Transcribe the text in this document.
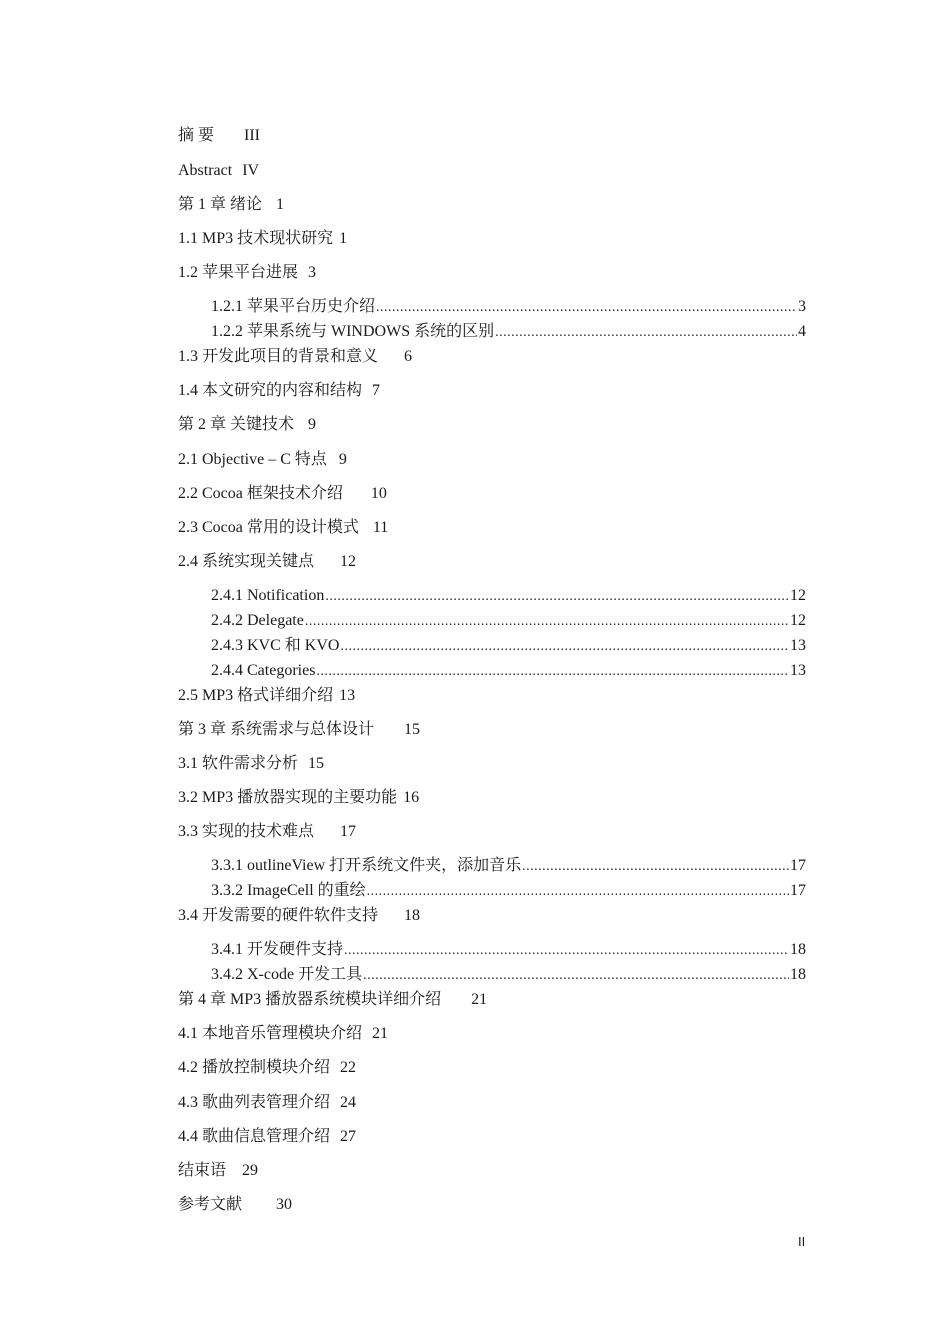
摘 要 III
Abstract IV
第 1 章 绪论 1
1.1 MP3 技术现状研究 1
1.2 苹果平台进展 3
1.2.1 苹果平台历史介绍 .....	3
1.2.2 苹果系统与 WINDOWS 系统的区别 .....	4
1.3 开发此项目的背景和意义 6
1.4 本文研究的内容和结构 7
第 2 章 关键技术 9
2.1 Objective – C 特点 9
2.2 Cocoa 框架技术介绍 10
2.3 Cocoa 常用的设计模式 11
2.4 系统实现关键点 12
2.4.1 Notification .....	12
2.4.2 Delegate .....	12
2.4.3 KVC 和 KVO .....	13
2.4.4 Categories .....	13
2.5 MP3 格式详细介绍 13
第 3 章 系统需求与总体设计 15
3.1 软件需求分析 15
3.2 MP3 播放器实现的主要功能 16
3.3 实现的技术难点 17
3.3.1 outlineView 打开系统文件夹，添加音乐 .....	17
3.3.2 ImageCell 的重绘 .....	17
3.4 开发需要的硬件软件支持 18
3.4.1 开发硬件支持 .....	18
3.4.2 X-code 开发工具 .....	18
第 4 章 MP3 播放器系统模块详细介绍 21
4.1 本地音乐管理模块介绍 21
4.2 播放控制模块介绍 22
4.3 歌曲列表管理介绍 24
4.4 歌曲信息管理介绍 27
结束语 29
参考文献 30
II
